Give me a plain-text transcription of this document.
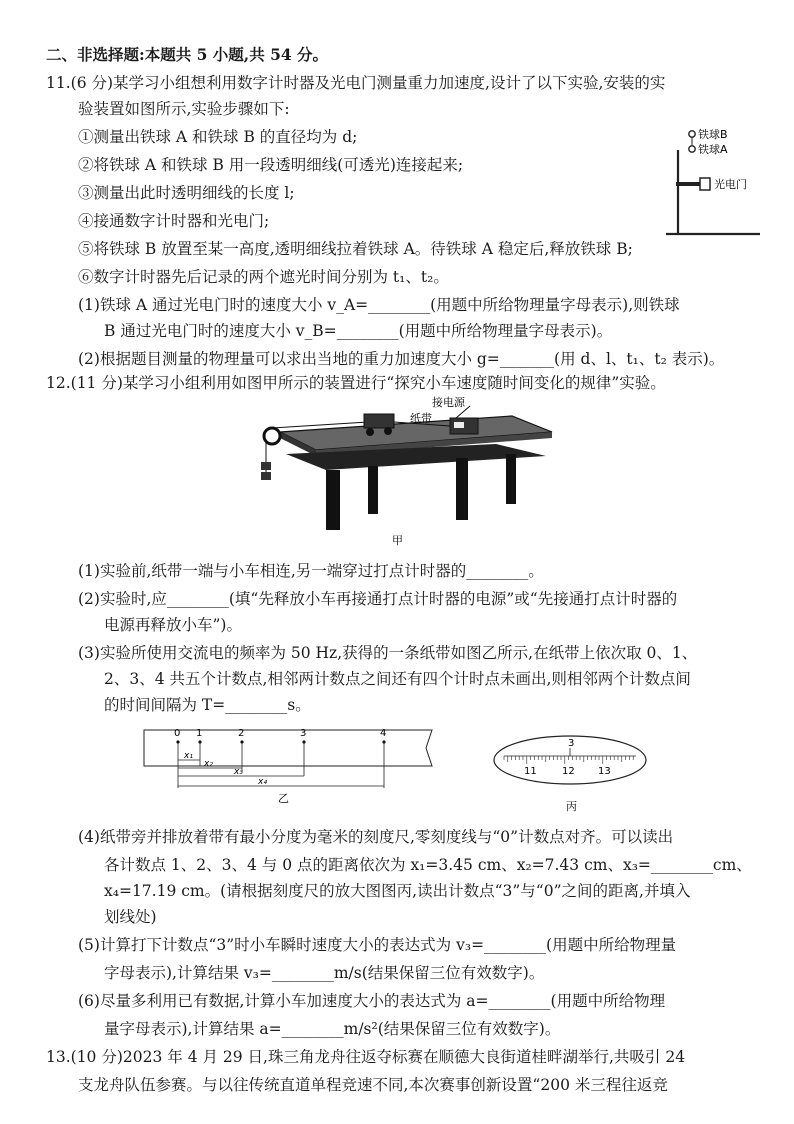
二、非选择题:本题共 5 小题,共 54 分。
11.(6 分)某学习小组想利用数字计时器及光电门测量重力加速度,设计了以下实验,安装的实
验装置如图所示,实验步骤如下:
①测量出铁球 A 和铁球 B 的直径均为 d;
②将铁球 A 和铁球 B 用一段透明细线(可透光)连接起来;
③测量出此时透明细线的长度 l;
④接通数字计时器和光电门;
⑤将铁球 B 放置至某一高度,透明细线拉着铁球 A。待铁球 A 稳定后,释放铁球 B;
⑥数字计时器先后记录的两个遮光时间分别为 t₁、t₂。
(1)铁球 A 通过光电门时的速度大小 v_A=________(用题中所给物理量字母表示),则铁球
B 通过光电门时的速度大小 v_B=________(用题中所给物理量字母表示)。
(2)根据题目测量的物理量可以求出当地的重力加速度大小 g=_______(用 d、l、t₁、t₂ 表示)。
铁球B
铁球A
光电门
12.(11 分)某学习小组利用如图甲所示的装置进行“探究小车速度随时间变化的规律”实验。
接电源
纸带
甲
(1)实验前,纸带一端与小车相连,另一端穿过打点计时器的________。
(2)实验时,应________(填“先释放小车再接通打点计时器的电源”或“先接通打点计时器的
电源再释放小车”)。
(3)实验所使用交流电的频率为 50 Hz,获得的一条纸带如图乙所示,在纸带上依次取 0、1、
2、3、4 共五个计数点,相邻两计数点之间还有四个计时点未画出,则相邻两个计数点间
的时间间隔为 T=________s。
0 1	2	3	4
x₁
x₂
x₃
x₄
乙
3
11	12 13
丙
(4)纸带旁并排放着带有最小分度为毫米的刻度尺,零刻度线与“0”计数点对齐。可以读出
各计数点 1、2、3、4 与 0 点的距离依次为 x₁=3.45 cm、x₂=7.43 cm、x₃=________cm、
x₄=17.19 cm。(请根据刻度尺的放大图图丙,读出计数点“3”与“0”之间的距离,并填入
划线处)
(5)计算打下计数点“3”时小车瞬时速度大小的表达式为 v₃=________(用题中所给物理量
字母表示),计算结果 v₃=________m/s(结果保留三位有效数字)。
(6)尽量多利用已有数据,计算小车加速度大小的表达式为 a=________(用题中所给物理
量字母表示),计算结果 a=________m/s²(结果保留三位有效数字)。
13.(10 分)2023 年 4 月 29 日,珠三角龙舟往返夺标赛在顺德大良街道桂畔湖举行,共吸引 24
支龙舟队伍参赛。与以往传统直道单程竞速不同,本次赛事创新设置“200 米三程往返竞
